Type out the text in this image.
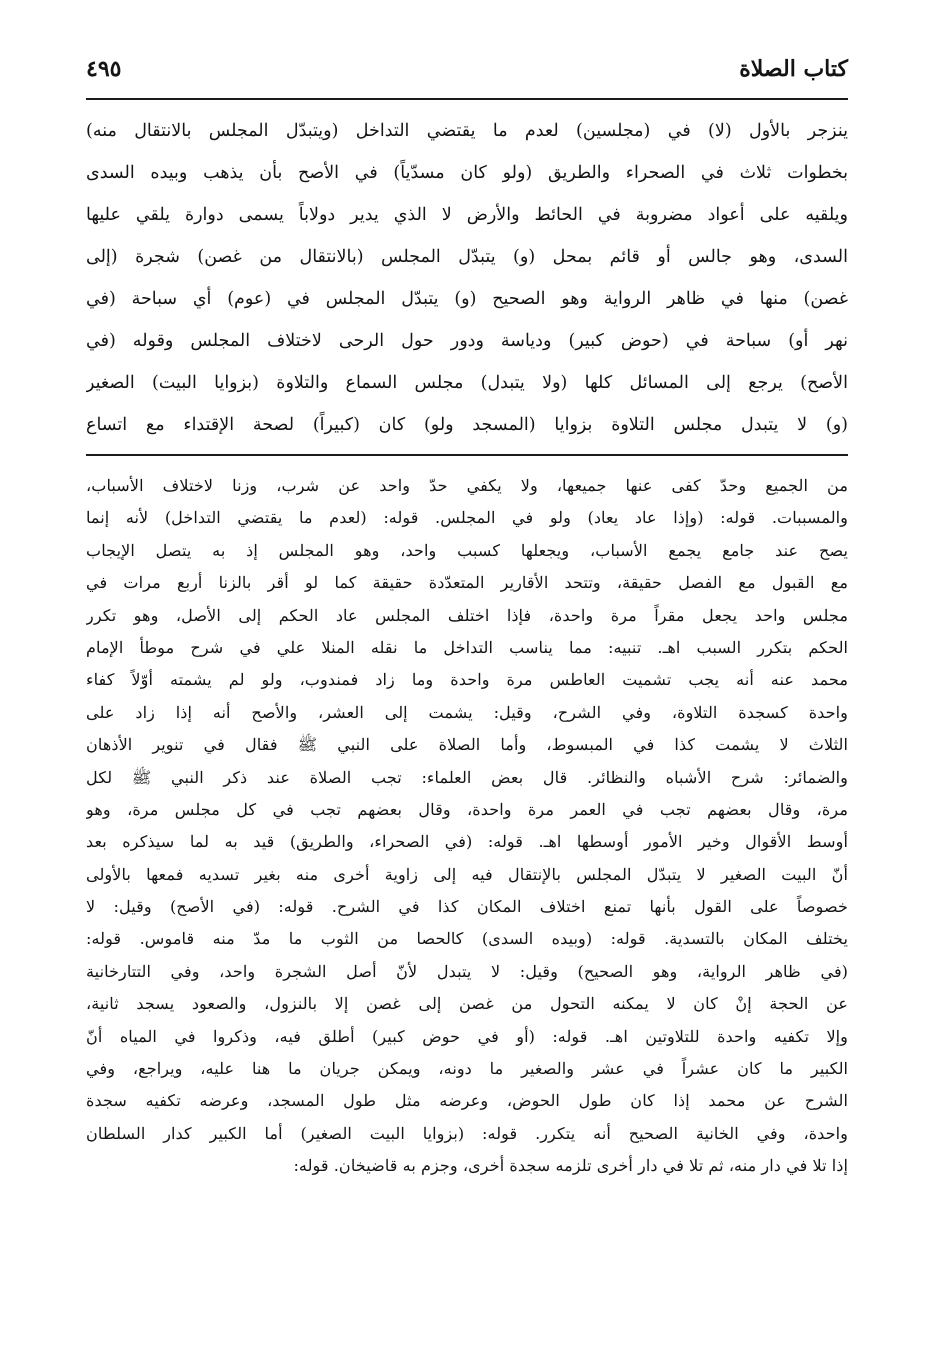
كتاب الصلاة
٤٩٥
ينزجر بالأول (لا) في (مجلسين) لعدم ما يقتضي التداخل (ويتبدّل المجلس بالانتقال منه)
بخطوات ثلاث في الصحراء والطريق (ولو كان مسدّياً) في الأصح بأن يذهب وبيده السدى
ويلقيه على أعواد مضروبة في الحائط والأرض لا الذي يدير دولاباً يسمى دوارة يلقي عليها
السدى، وهو جالس أو قائم بمحل (و) يتبدّل المجلس (بالانتقال من غصن) شجرة (إلى
غصن) منها في ظاهر الرواية وهو الصحيح (و) يتبدّل المجلس في (عوم) أي سباحة (في
نهر أو) سباحة في (حوض كبير) ودياسة ودور حول الرحى لاختلاف المجلس وقوله (في
الأصح) يرجع إلى المسائل كلها (ولا يتبدل) مجلس السماع والتلاوة (بزوايا البيت) الصغير
(و) لا يتبدل مجلس التلاوة بزوايا (المسجد ولو) كان (كبيراً) لصحة الإقتداء مع اتساع
من الجميع وحدّ كفى عنها جميعها، ولا يكفي حدّ واحد عن شرب، وزنا لاختلاف الأسباب،
والمسببات. قوله: (وإذا عاد يعاد) ولو في المجلس. قوله: (لعدم ما يقتضي التداخل) لأنه إنما
يصح عند جامع يجمع الأسباب، ويجعلها كسبب واحد، وهو المجلس إذ به يتصل الإيجاب
مع القبول مع الفصل حقيقة، وتتحد الأقارير المتعدّدة حقيقة كما لو أقر بالزنا أربع مرات في
مجلس واحد يجعل مقراً مرة واحدة، فإذا اختلف المجلس عاد الحكم إلى الأصل، وهو تكرر
الحكم بتكرر السبب اهـ. تنبيه: مما يناسب التداخل ما نقله المنلا علي في شرح موطأ الإمام
محمد عنه أنه يجب تشميت العاطس مرة واحدة وما زاد فمندوب، ولو لم يشمته أوّلاً كفاء
واحدة كسجدة التلاوة، وفي الشرح، وقيل: يشمت إلى العشر، والأصح أنه إذا زاد على
الثلاث لا يشمت كذا في المبسوط، وأما الصلاة على النبي ﷺ فقال في تنوير الأذهان
والضمائر: شرح الأشباه والنظائر. قال بعض العلماء: تجب الصلاة عند ذكر النبي ﷺ لكل
مرة، وقال بعضهم تجب في العمر مرة واحدة، وقال بعضهم تجب في كل مجلس مرة، وهو
أوسط الأقوال وخير الأمور أوسطها اهـ. قوله: (في الصحراء، والطريق) قيد به لما سيذكره بعد
أنّ البيت الصغير لا يتبدّل المجلس بالإنتقال فيه إلى زاوية أخرى منه بغير تسديه فمعها بالأولى
خصوصاً على القول بأنها تمنع اختلاف المكان كذا في الشرح. قوله: (في الأصح) وقيل: لا
يختلف المكان بالتسدية. قوله: (وبيده السدى) كالحصا من الثوب ما مدّ منه قاموس. قوله:
(في ظاهر الرواية، وهو الصحيح) وقيل: لا يتبدل لأنّ أصل الشجرة واحد، وفي التتارخانية
عن الحجة إنْ كان لا يمكنه التحول من غصن إلى غصن إلا بالنزول، والصعود يسجد ثانية،
وإلا تكفيه واحدة للتلاوتين اهـ. قوله: (أو في حوض كبير) أطلق فيه، وذكروا في المياه أنّ
الكبير ما كان عشراً في عشر والصغير ما دونه، ويمكن جريان ما هنا عليه، ويراجع، وفي
الشرح عن محمد إذا كان طول الحوض، وعرضه مثل طول المسجد، وعرضه تكفيه سجدة
واحدة، وفي الخانية الصحيح أنه يتكرر. قوله: (بزوايا البيت الصغير) أما الكبير كدار السلطان
إذا تلا في دار منه، ثم تلا في دار أخرى تلزمه سجدة أخرى، وجزم به قاضيخان. قوله:
